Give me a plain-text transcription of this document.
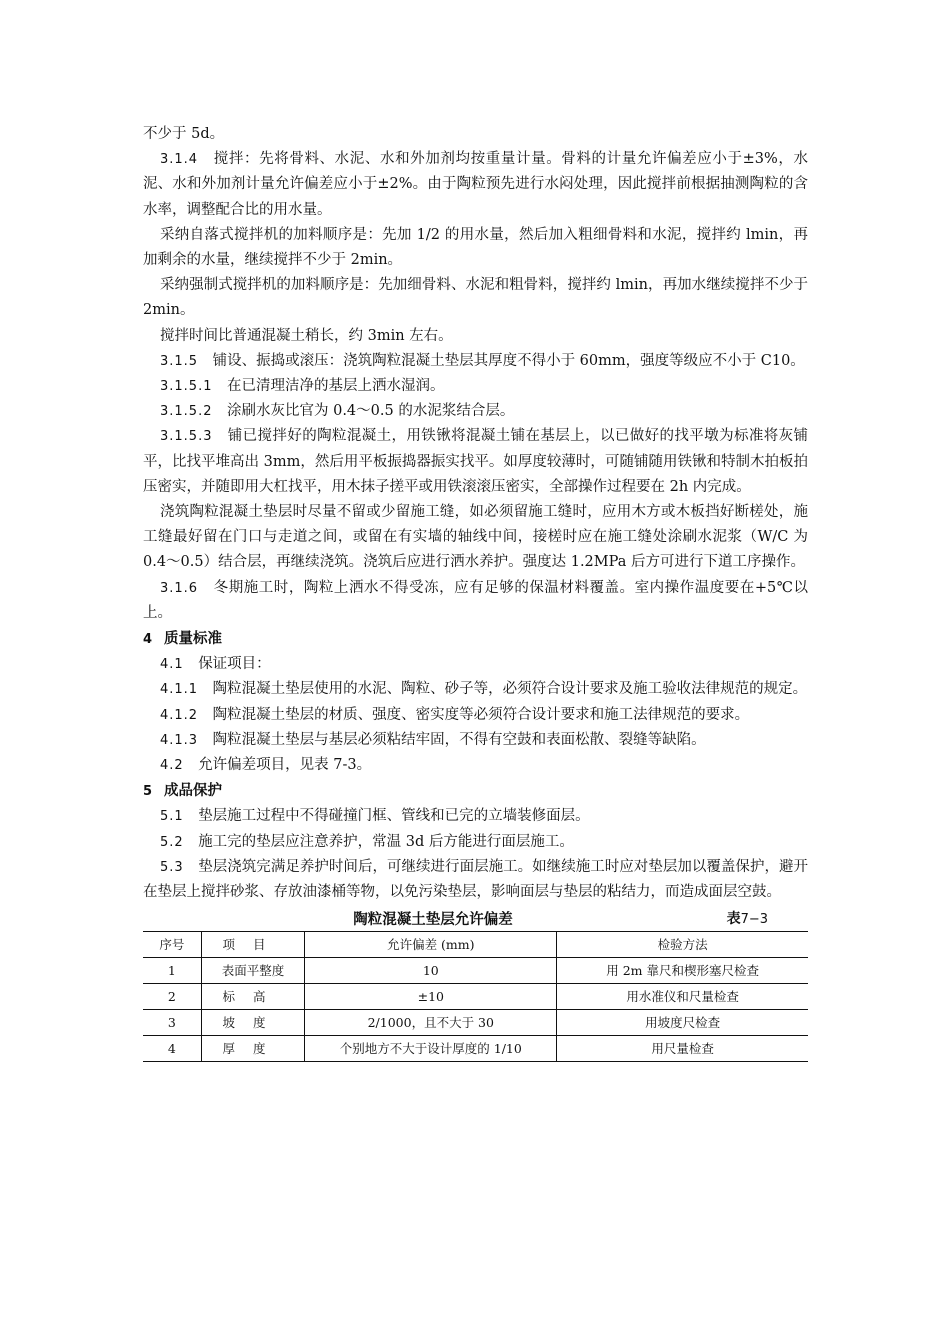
不少于 5d。

3.1.4　 搅拌：先将骨料、水泥、水和外加剂均按重量计量。骨料的计量允许偏差应小于±3%，水泥、水和外加剂计量允许偏差应小于±2%。由于陶粒预先进行水闷处理，因此搅拌前根据抽测陶粒的含水率，调整配合比的用水量。

采纳自落式搅拌机的加料顺序是：先加 1/2 的用水量，然后加入粗细骨料和水泥，搅拌约 lmin，再加剩余的水量，继续搅拌不少于 2min。

采纳强制式搅拌机的加料顺序是：先加细骨料、水泥和粗骨料，搅拌约 lmin，再加水继续搅拌不少于 2min。

搅拌时间比普通混凝土稍长，约 3min 左右。

3.1.5　 铺设、振捣或滚压：浇筑陶粒混凝土垫层其厚度不得小于 60mm，强度等级应不小于 C10。

3.1.5.1　 在已清理洁净的基层上洒水湿润。

3.1.5.2　 涂刷水灰比官为 0.4～0.5 的水泥浆结合层。

3.1.5.3　 铺已搅拌好的陶粒混凝土，用铁锹将混凝土铺在基层上，以已做好的找平墩为标准将灰铺平，比找平堆高出 3mm，然后用平板振捣器振实找平。如厚度较薄时，可随铺随用铁锹和特制木拍板拍压密实，并随即用大杠找平，用木抹子搓平或用铁滚滚压密实，全部操作过程要在 2h 内完成。

浇筑陶粒混凝土垫层时尽量不留或少留施工缝，如必须留施工缝时，应用木方或木板挡好断槎处，施工缝最好留在门口与走道之间，或留在有实墙的轴线中间，接槎时应在施工缝处涂刷水泥浆（W/C 为 0.4～0.5）结合层，再继续浇筑。浇筑后应进行洒水养护。强度达 1.2MPa 后方可进行下道工序操作。

3.1.6　 冬期施工时，陶粒上洒水不得受冻，应有足够的保温材料覆盖。室内操作温度要在+5℃以上。

4 质量标准

4.1　 保证项目：

4.1.1　 陶粒混凝土垫层使用的水泥、陶粒、砂子等，必须符合设计要求及施工验收法律规范的规定。

4.1.2　 陶粒混凝土垫层的材质、强度、密实度等必须符合设计要求和施工法律规范的要求。

4.1.3　 陶粒混凝土垫层与基层必须粘结牢固，不得有空鼓和表面松散、裂缝等缺陷。

4.2　 允许偏差项目，见表 7-3。

5 成品保护

5.1　 垫层施工过程中不得碰撞门框、管线和已完的立墙装修面层。

5.2　 施工完的垫层应注意养护，常温 3d 后方能进行面层施工。

5.3　 垫层浇筑完满足养护时间后，可继续进行面层施工。如继续施工时应对垫层加以覆盖保护，避开在垫层上搅拌砂浆、存放油漆桶等物，以免污染垫层，影响面层与垫层的粘结力，而造成面层空鼓。

陶粒混凝土垫层允许偏差	表7−3
序号	项目	允许偏差 (mm)	检验方法
1	表面平整度	10	用 2m 靠尺和楔形塞尺检查
2	标高	±10	用水准仪和尺量检查
3	坡度	2/1000，且不大于 30	用坡度尺检查
4	厚度	个别地方不大于设计厚度的 1/10	用尺量检查
